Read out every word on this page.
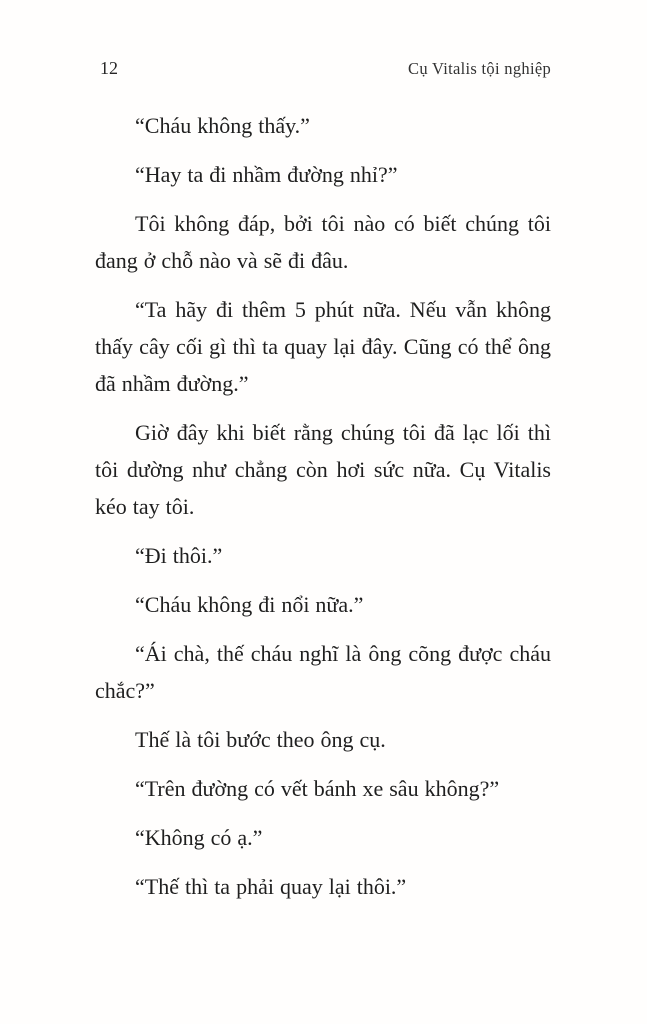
12	Cụ Vitalis tội nghiệp

“Cháu không thấy.”

“Hay ta đi nhầm đường nhỉ?”

Tôi không đáp, bởi tôi nào có biết chúng tôi đang ở chỗ nào và sẽ đi đâu.

“Ta hãy đi thêm 5 phút nữa. Nếu vẫn không thấy cây cối gì thì ta quay lại đây. Cũng có thể ông đã nhầm đường.”

Giờ đây khi biết rằng chúng tôi đã lạc lối thì tôi dường như chẳng còn hơi sức nữa. Cụ Vitalis kéo tay tôi.

“Đi thôi.”

“Cháu không đi nổi nữa.”

“Ái chà, thế cháu nghĩ là ông cõng được cháu chắc?”

Thế là tôi bước theo ông cụ.

“Trên đường có vết bánh xe sâu không?”

“Không có ạ.”

“Thế thì ta phải quay lại thôi.”
